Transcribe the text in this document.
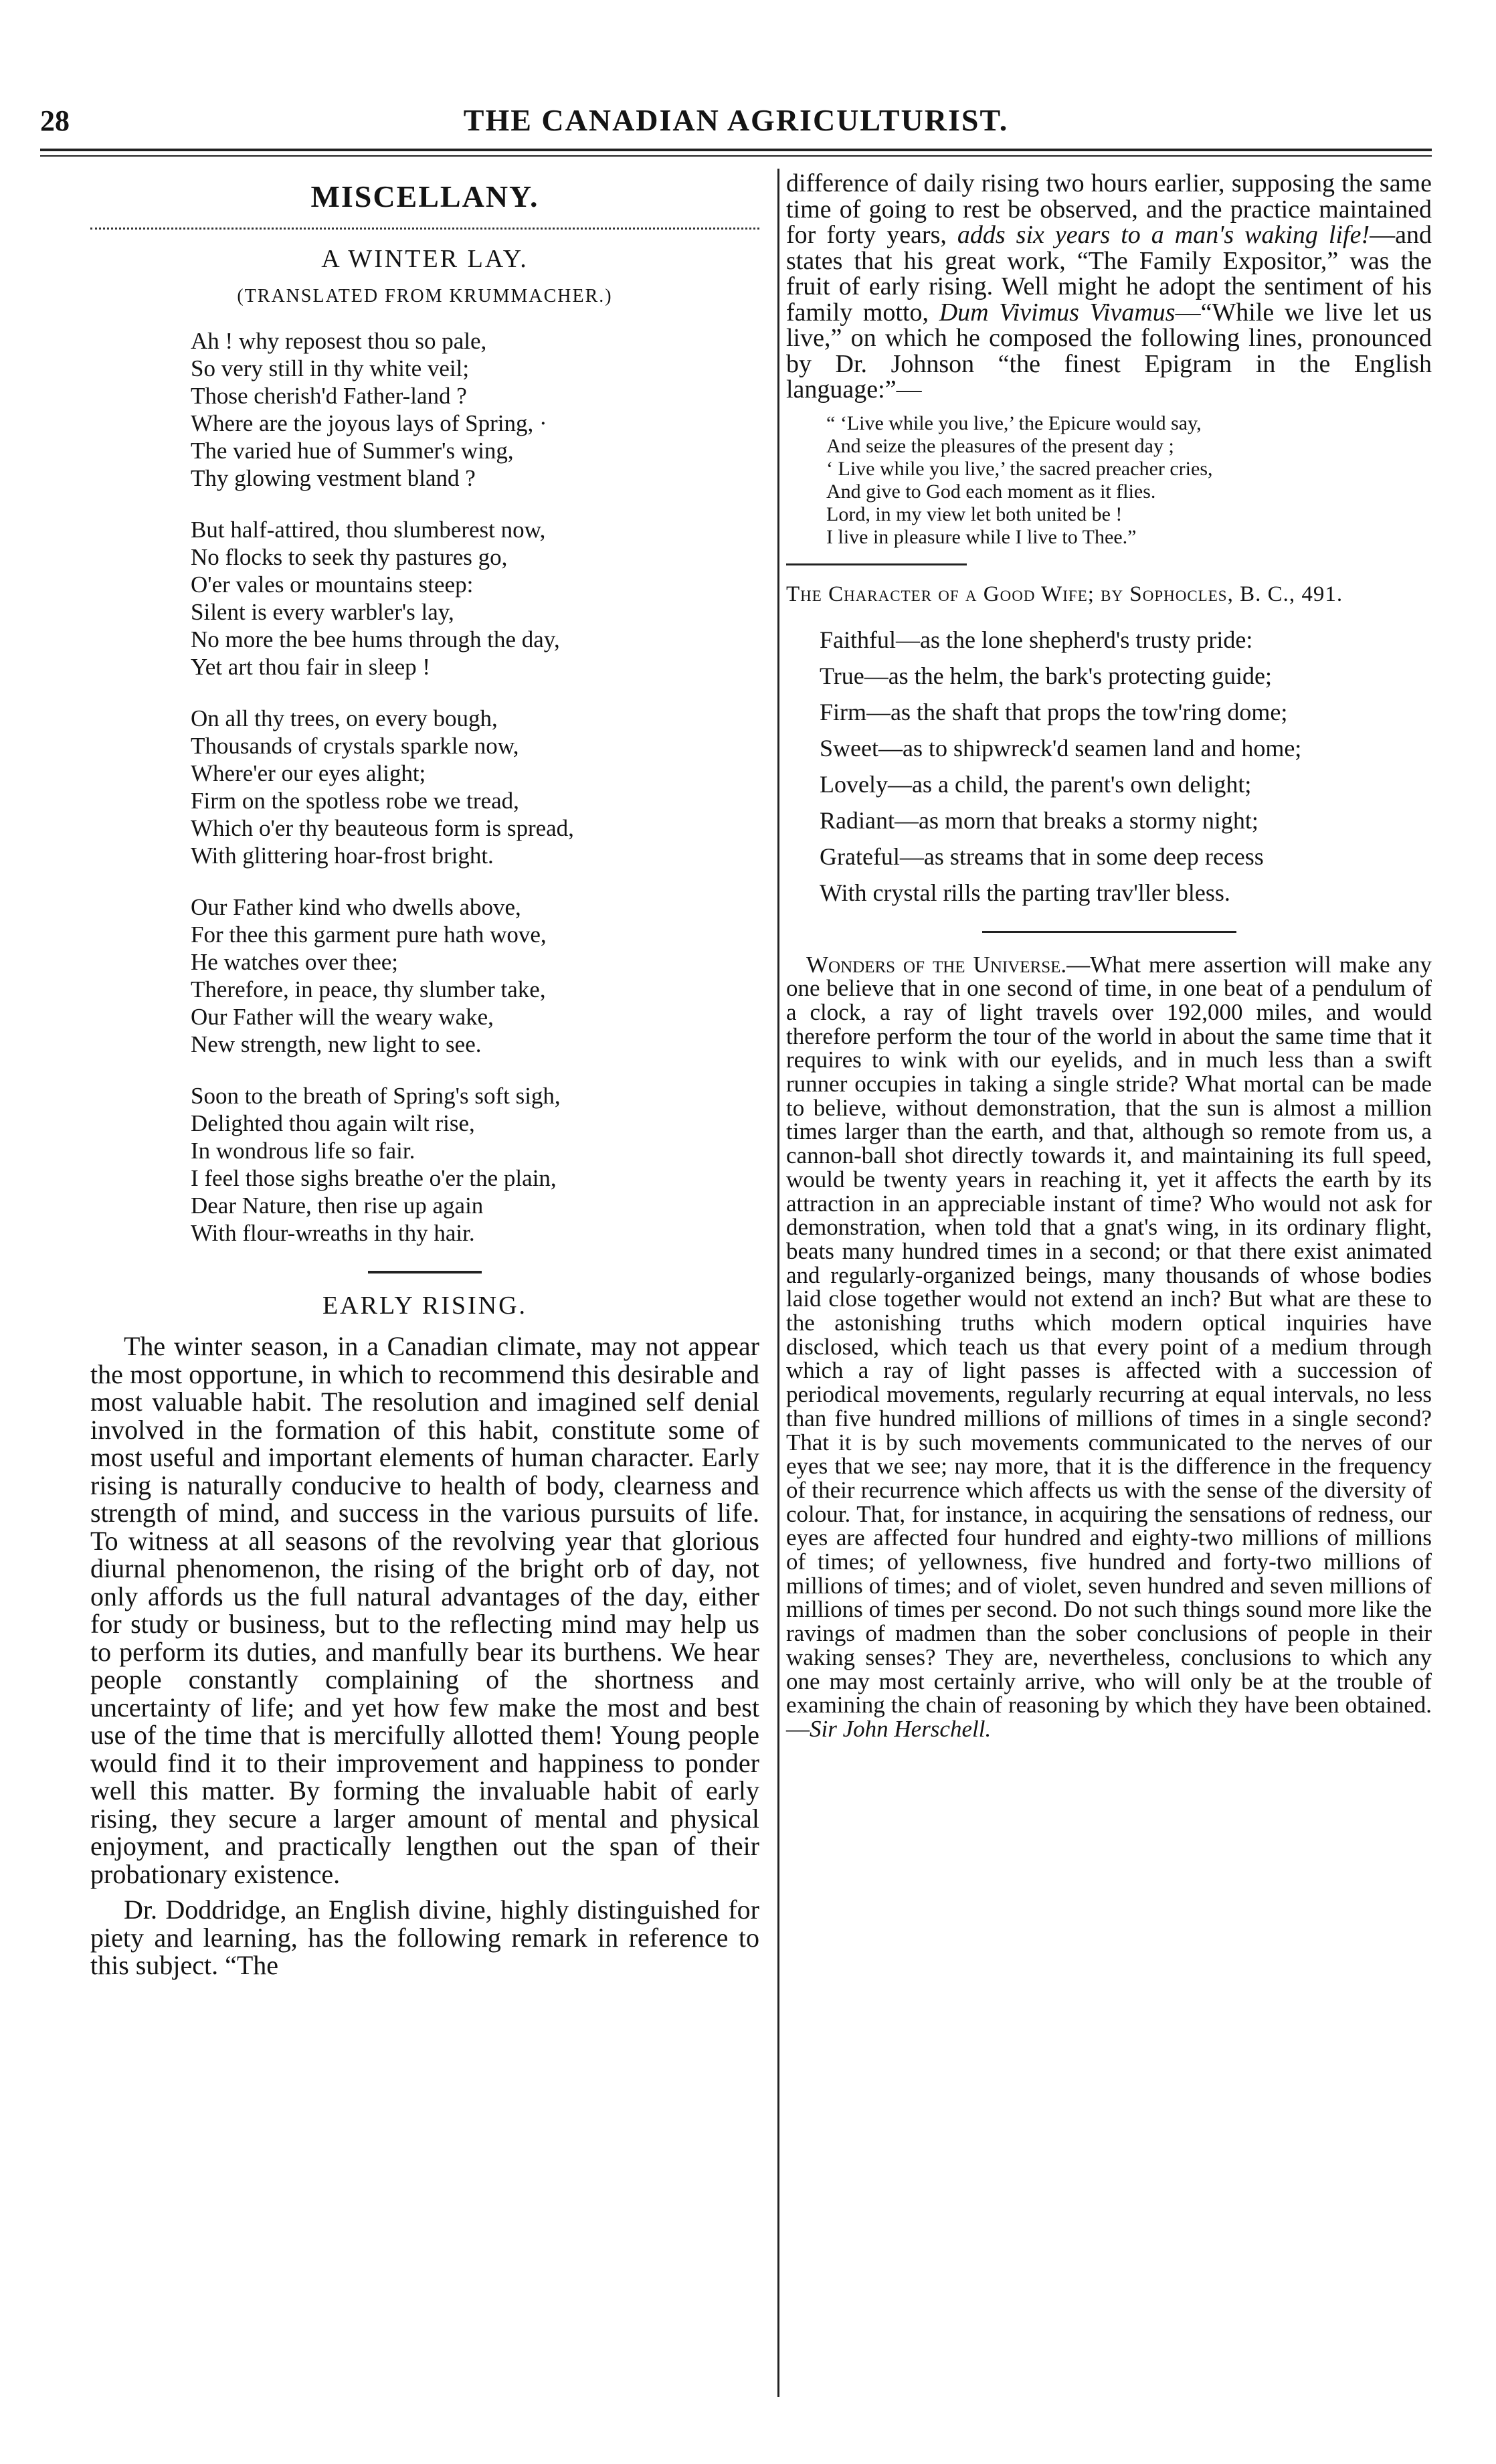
28	THE CANADIAN AGRICULTURIST.
MISCELLANY.
A WINTER LAY.
(TRANSLATED FROM KRUMMACHER.)
Ah ! why reposest thou so pale,
So very still in thy white veil;
Those cherish'd Father-land ?
Where are the joyous lays of Spring, ·
The varied hue of Summer's wing,
Thy glowing vestment bland ?
But half-attired, thou slumberest now,
No flocks to seek thy pastures go,
O'er vales or mountains steep:
Silent is every warbler's lay,
No more the bee hums through the day,
Yet art thou fair in sleep !
On all thy trees, on every bough,
Thousands of crystals sparkle now,
Where'er our eyes alight;
Firm on the spotless robe we tread,
Which o'er thy beauteous form is spread,
With glittering hoar-frost bright.
Our Father kind who dwells above,
For thee this garment pure hath wove,
He watches over thee;
Therefore, in peace, thy slumber take,
Our Father will the weary wake,
New strength, new light to see.
Soon to the breath of Spring's soft sigh,
Delighted thou again wilt rise,
In wondrous life so fair.
I feel those sighs breathe o'er the plain,
Dear Nature, then rise up again
With flour-wreaths in thy hair.
EARLY RISING.

The winter season, in a Canadian climate, may not appear the most opportune, in which to recommend this desirable and most valuable habit. The resolution and imagined self denial involved in the formation of this habit, constitute some of most useful and important elements of human character. Early rising is naturally conducive to health of body, clearness and strength of mind, and success in the various pursuits of life. To witness at all seasons of the revolving year that glorious diurnal phenomenon, the rising of the bright orb of day, not only affords us the full natural advantages of the day, either for study or business, but to the reflecting mind may help us to perform its duties, and manfully bear its burthens. We hear people constantly complaining of the shortness and uncertainty of life; and yet how few make the most and best use of the time that is mercifully allotted them! Young people would find it to their improvement and happiness to ponder well this matter. By forming the invaluable habit of early rising, they secure a larger amount of mental and physical enjoyment, and practically lengthen out the span of their probationary existence.

Dr. Doddridge, an English divine, highly distinguished for piety and learning, has the following remark in reference to this subject. “The

difference of daily rising two hours earlier, supposing the same time of going to rest be observed, and the practice maintained for forty years, adds six years to a man's waking life!—and states that his great work, “The Family Expositor,” was the fruit of early rising. Well might he adopt the sentiment of his family motto, Dum Vivimus Vivamus—“While we live let us live,” on which he composed the following lines, pronounced by Dr. Johnson “the finest Epigram in the English language:”—

“ ‘Live while you live,’ the Epicure would say,
And seize the pleasures of the present day ;
‘ Live while you live,’ the sacred preacher cries,
And give to God each moment as it flies.
Lord, in my view let both united be !
I live in pleasure while I live to Thee.”
The Character of a Good Wife; by Sophocles, B. C., 491.
Faithful—as the lone shepherd's trusty pride:
True—as the helm, the bark's protecting guide;
Firm—as the shaft that props the tow'ring dome;
Sweet—as to shipwreck'd seamen land and home;
Lovely—as a child, the parent's own delight;
Radiant—as morn that breaks a stormy night;
Grateful—as streams that in some deep recess
With crystal rills the parting trav'ller bless.

Wonders of the Universe.—What mere assertion will make any one believe that in one second of time, in one beat of a pendulum of a clock, a ray of light travels over 192,000 miles, and would therefore perform the tour of the world in about the same time that it requires to wink with our eyelids, and in much less than a swift runner occupies in taking a single stride? What mortal can be made to believe, without demonstration, that the sun is almost a million times larger than the earth, and that, although so remote from us, a cannon-ball shot directly towards it, and maintaining its full speed, would be twenty years in reaching it, yet it affects the earth by its attraction in an appreciable instant of time? Who would not ask for demonstration, when told that a gnat's wing, in its ordinary flight, beats many hundred times in a second; or that there exist animated and regularly-organized beings, many thousands of whose bodies laid close together would not extend an inch? But what are these to the astonishing truths which modern optical inquiries have disclosed, which teach us that every point of a medium through which a ray of light passes is affected with a succession of periodical movements, regularly recurring at equal intervals, no less than five hundred millions of millions of times in a single second? That it is by such movements communicated to the nerves of our eyes that we see; nay more, that it is the difference in the frequency of their recurrence which affects us with the sense of the diversity of colour. That, for instance, in acquiring the sensations of redness, our eyes are affected four hundred and eighty-two millions of millions of times; of yellowness, five hundred and forty-two millions of millions of times; and of violet, seven hundred and seven millions of millions of times per second. Do not such things sound more like the ravings of madmen than the sober conclusions of people in their waking senses? They are, nevertheless, conclusions to which any one may most certainly arrive, who will only be at the trouble of examining the chain of reasoning by which they have been obtained.—Sir John Herschell.
